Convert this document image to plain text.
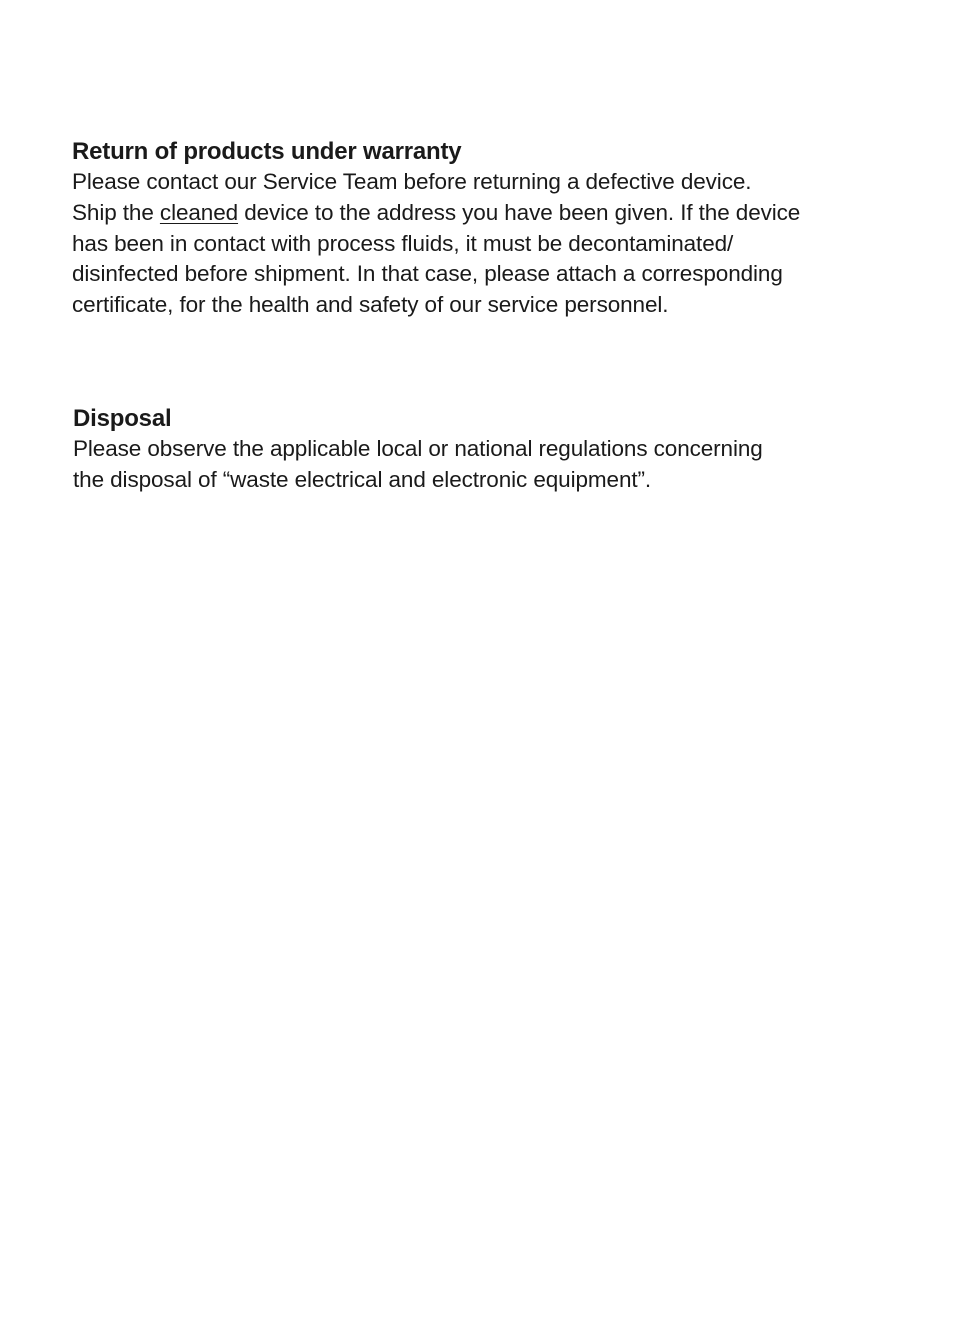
Return of products under warranty

Please contact our Service Team before returning a defective device.
Ship the cleaned device to the address you have been given. If the device
has been in contact with process fluids, it must be decontaminated/
disinfected before shipment. In that case, please attach a corresponding
certificate, for the health and safety of our service personnel.

Disposal

Please observe the applicable local or national regulations concerning
the disposal of “waste electrical and electronic equipment”.
